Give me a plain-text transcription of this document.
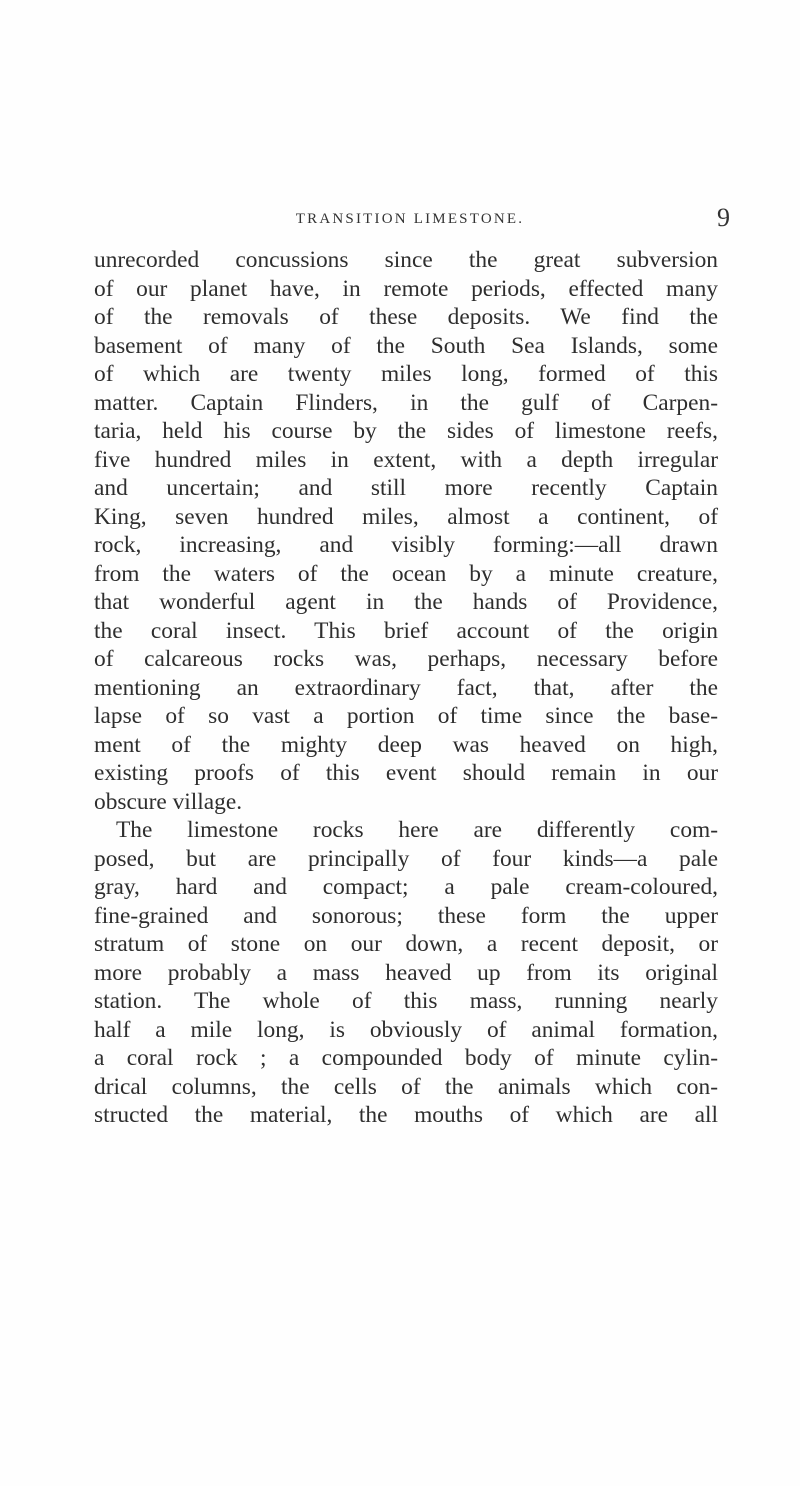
TRANSITION LIMESTONE.	9
unrecorded concussions since the great subversion
of our planet have, in remote periods, effected many
of the removals of these deposits. We find the
basement of many of the South Sea Islands, some
of which are twenty miles long, formed of this
matter. Captain Flinders, in the gulf of Carpen-
taria, held his course by the sides of limestone reefs,
five hundred miles in extent, with a depth irregular
and uncertain; and still more recently Captain
King, seven hundred miles, almost a continent, of
rock, increasing, and visibly forming:—all drawn
from the waters of the ocean by a minute creature,
that wonderful agent in the hands of Providence,
the coral insect. This brief account of the origin
of calcareous rocks was, perhaps, necessary before
mentioning an extraordinary fact, that, after the
lapse of so vast a portion of time since the base-
ment of the mighty deep was heaved on high,
existing proofs of this event should remain in our
obscure village.
The limestone rocks here are differently com-
posed, but are principally of four kinds—a pale
gray, hard and compact; a pale cream-coloured,
fine-grained and sonorous; these form the upper
stratum of stone on our down, a recent deposit, or
more probably a mass heaved up from its original
station. The whole of this mass, running nearly
half a mile long, is obviously of animal formation,
a coral rock ; a compounded body of minute cylin-
drical columns, the cells of the animals which con-
structed the material, the mouths of which are all
